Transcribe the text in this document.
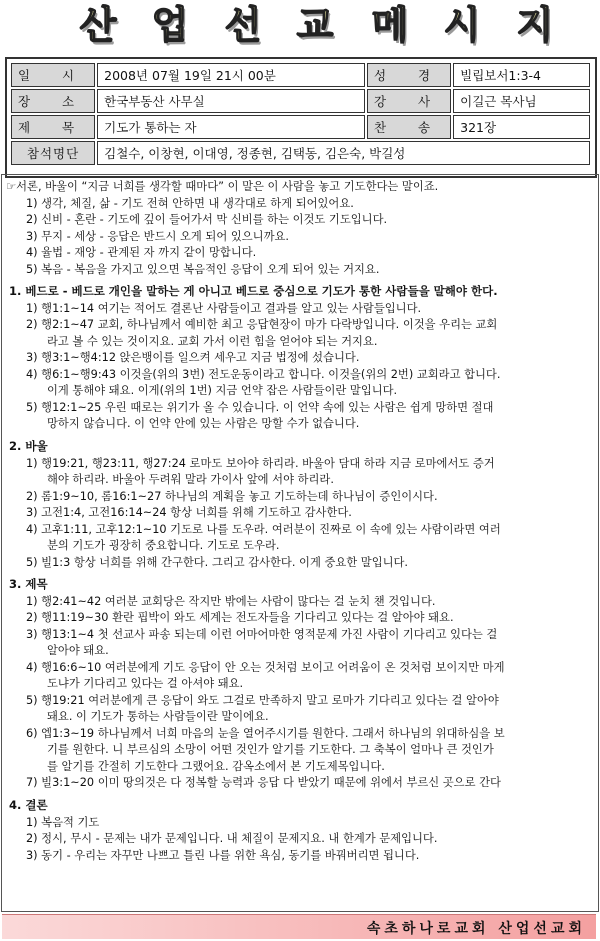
산 업 선 교 메 시 지
일 시	2008년 07월 19일 21시 00분	성 경	빌립보서1:3-4
장 소	한국부동산 사무실	강 사	이길근 목사님
제 목	기도가 통하는 자	찬 송	321장
참석명단	김철수, 이창현, 이대영, 정종현, 김택동, 김은숙, 박길성		
☞서론, 바울이 “지금 너희를 생각할 때마다” 이 말은 이 사람을 놓고 기도한다는 말이죠.
1) 생각, 체질, 삶 - 기도 전혀 안하면 내 생각대로 하게 되어있어요.
2) 신비 - 혼란 - 기도에 깊이 들어가서 막 신비를 하는 이것도 기도입니다.
3) 무지 - 세상 - 응답은 반드시 오게 되어 있으니까요.
4) 율법 - 재앙 - 관계된 자 까지 같이 망합니다.
5) 복음 - 복음을 가지고 있으면 복음적인 응답이 오게 되어 있는 거지요.
1. 베드로 - 베드로 개인을 말하는 게 아니고 베드로 중심으로 기도가 통한 사람들을 말해야 한다.
1) 행1:1~14 여기는 적어도 결론난 사람들이고 결과를 알고 있는 사람들입니다.
2) 행2:1~47 교회, 하나님께서 예비한 최고 응답현장이 마가 다락방입니다. 이것을 우리는 교회
라고 볼 수 있는 것이지요. 교회 가서 이런 힘을 얻어야 되는 거지요.
3) 행3:1~행4:12 앉은뱅이를 일으켜 세우고 지금 법정에 섰습니다.
4) 행6:1~행9:43 이것을(위의 3번) 전도운동이라고 합니다. 이것을(위의 2번) 교회라고 합니다.
이게 통해야 돼요. 이게(위의 1번) 지금 언약 잡은 사람들이란 말입니다.
5) 행12:1~25 우린 때로는 위기가 올 수 있습니다. 이 언약 속에 있는 사람은 쉽게 망하면 절대
망하지 않습니다. 이 언약 안에 있는 사람은 망할 수가 없습니다.
2. 바울
1) 행19:21, 행23:11, 행27:24 로마도 보아야 하리라. 바울아 담대 하라 지금 로마에서도 증거
해야 하리라. 바울아 두려워 말라 가이사 앞에 서야 하리라.
2) 롬1:9~10, 롬16:1~27 하나님의 계획을 놓고 기도하는데 하나님이 증인이시다.
3) 고전1:4, 고전16:14~24 항상 너희를 위해 기도하고 감사한다.
4) 고후1:11, 고후12:1~10 기도로 나를 도우라. 여러분이 진짜로 이 속에 있는 사람이라면 여러
분의 기도가 굉장히 중요합니다. 기도로 도우라.
5) 빌1:3 항상 너희를 위해 간구한다. 그리고 감사한다. 이게 중요한 말입니다.
3. 제목
1) 행2:41~42 여러분 교회당은 작지만 밖에는 사람이 많다는 걸 눈치 챈 것입니다.
2) 행11:19~30 환란 핍박이 와도 세계는 전도자들을 기다리고 있다는 걸 알아야 돼요.
3) 행13:1~4 첫 선교사 파송 되는데 이런 어마어마한 영적문제 가진 사람이 기다리고 있다는 걸
알아야 돼요.
4) 행16:6~10 여러분에게 기도 응답이 안 오는 것처럼 보이고 어려움이 온 것처럼 보이지만 마게
도냐가 기다리고 있다는 걸 아셔야 돼요.
5) 행19:21 여러분에게 큰 응답이 와도 그걸로 만족하지 말고 로마가 기다리고 있다는 걸 알아야
돼요. 이 기도가 통하는 사람들이란 말이에요.
6) 엡1:3~19 하나님께서 너희 마음의 눈을 열어주시기를 원한다. 그래서 하나님의 위대하심을 보
기를 원한다. 니 부르심의 소망이 어떤 것인가 알기를 기도한다. 그 축복이 얼마나 큰 것인가
를 알기를 간절히 기도한다 그랬어요. 감옥소에서 본 기도제목입니다.
7) 빌3:1~20 이미 땅의것은 다 정복할 능력과 응답 다 받았기 때문에 위에서 부르신 곳으로 간다
4. 결론
1) 복음적 기도
2) 정시, 무시 - 문제는 내가 문제입니다. 내 체질이 문제지요. 내 한계가 문제입니다.
3) 동기 - 우리는 자꾸만 나쁘고 틀린 나를 위한 욕심, 동기를 바꿔버리면 됩니다.
속초하나로교회 산업선교회
